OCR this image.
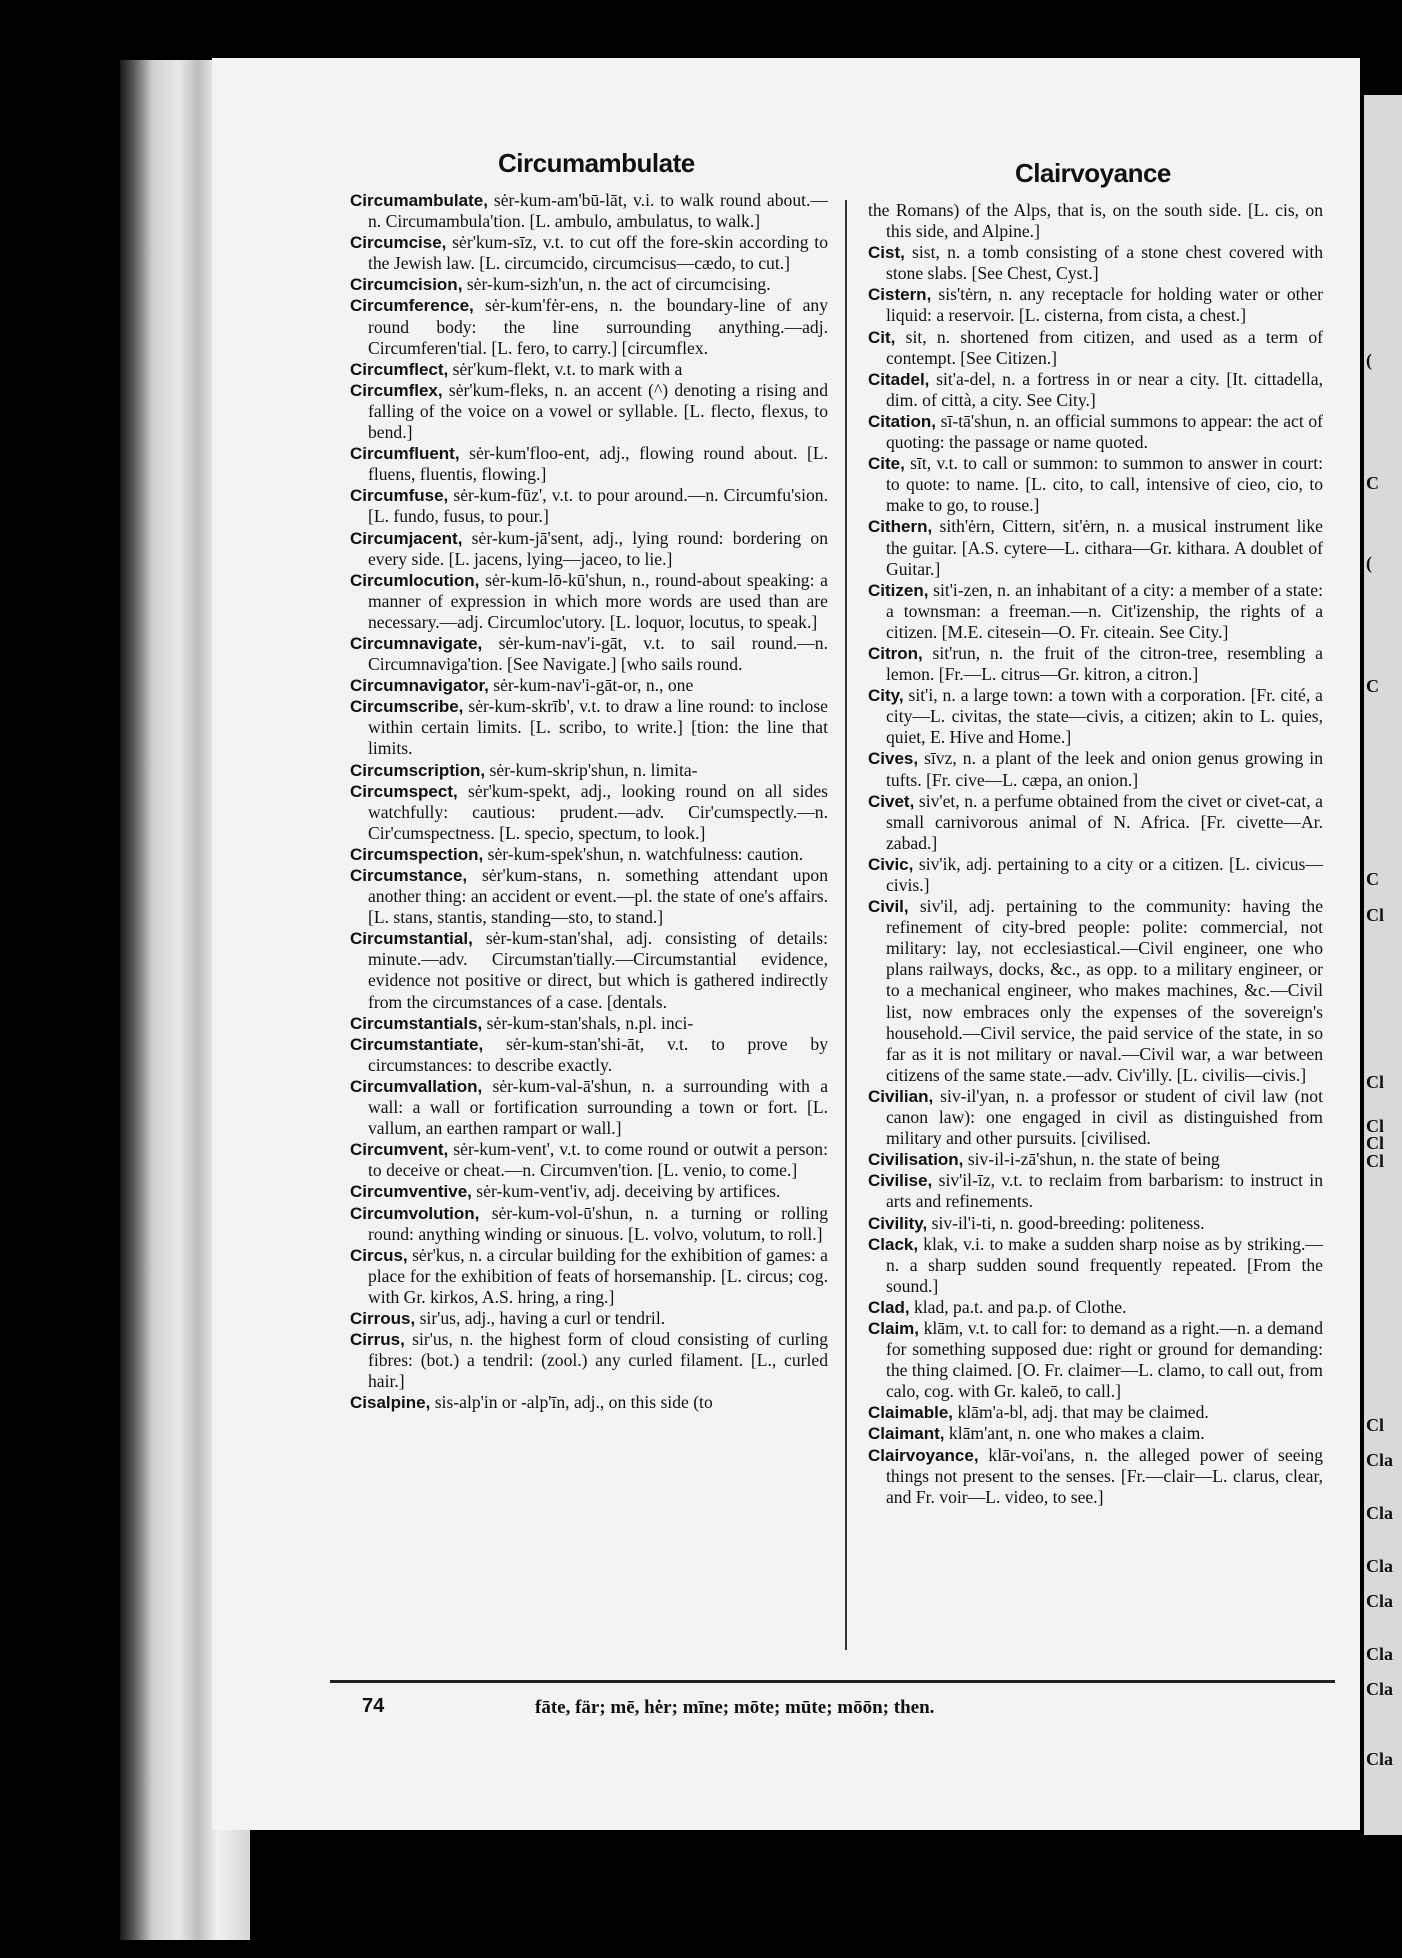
(
C
(
C
C
Cl
Cl
Cl
Cl
Cl
Cl
Cla
Cla
Cla
Cla
Cla
Cla
Cla
Circumambulate	Clairvoyance

Circumambulate, sėr-kum-am'bū-lāt, v.i. to walk round about.—n. Circumambula'tion. [L. ambulo, ambulatus, to walk.]

Circumcise, sėr'kum-sīz, v.t. to cut off the fore-skin according to the Jewish law. [L. circumcido, circumcisus—cædo, to cut.]

Circumcision, sėr-kum-sizh'un, n. the act of circumcising.

Circumference, sėr-kum'fėr-ens, n. the boundary-line of any round body: the line surrounding anything.—adj. Circumferen'tial. [L. fero, to carry.] [circumflex.

Circumflect, sėr'kum-flekt, v.t. to mark with a

Circumflex, sėr'kum-fleks, n. an accent (^) denoting a rising and falling of the voice on a vowel or syllable. [L. flecto, flexus, to bend.]

Circumfluent, sėr-kum'floo-ent, adj., flowing round about. [L. fluens, fluentis, flowing.]

Circumfuse, sėr-kum-fūz', v.t. to pour around.—n. Circumfu'sion. [L. fundo, fusus, to pour.]

Circumjacent, sėr-kum-jā'sent, adj., lying round: bordering on every side. [L. jacens, lying—jaceo, to lie.]

Circumlocution, sėr-kum-lō-kū'shun, n., round-about speaking: a manner of expression in which more words are used than are necessary.—adj. Circumloc'utory. [L. loquor, locutus, to speak.]

Circumnavigate, sėr-kum-nav'i-gāt, v.t. to sail round.—n. Circumnaviga'tion. [See Navigate.] [who sails round.

Circumnavigator, sėr-kum-nav'i-gāt-or, n., one

Circumscribe, sėr-kum-skrīb', v.t. to draw a line round: to inclose within certain limits. [L. scribo, to write.] [tion: the line that limits.

Circumscription, sėr-kum-skrip'shun, n. limita-

Circumspect, sėr'kum-spekt, adj., looking round on all sides watchfully: cautious: prudent.—adv. Cir'cumspectly.—n. Cir'cumspectness. [L. specio, spectum, to look.]

Circumspection, sėr-kum-spek'shun, n. watchfulness: caution.

Circumstance, sėr'kum-stans, n. something attendant upon another thing: an accident or event.—pl. the state of one's affairs. [L. stans, stantis, standing—sto, to stand.]

Circumstantial, sėr-kum-stan'shal, adj. consisting of details: minute.—adv. Circumstan'tially.—Circumstantial evidence, evidence not positive or direct, but which is gathered indirectly from the circumstances of a case. [dentals.

Circumstantials, sėr-kum-stan'shals, n.pl. inci-

Circumstantiate, sėr-kum-stan'shi-āt, v.t. to prove by circumstances: to describe exactly.

Circumvallation, sėr-kum-val-ā'shun, n. a surrounding with a wall: a wall or fortification surrounding a town or fort. [L. vallum, an earthen rampart or wall.]

Circumvent, sėr-kum-vent', v.t. to come round or outwit a person: to deceive or cheat.—n. Circumven'tion. [L. venio, to come.]

Circumventive, sėr-kum-vent'iv, adj. deceiving by artifices.

Circumvolution, sėr-kum-vol-ū'shun, n. a turning or rolling round: anything winding or sinuous. [L. volvo, volutum, to roll.]

Circus, sėr'kus, n. a circular building for the exhibition of games: a place for the exhibition of feats of horsemanship. [L. circus; cog. with Gr. kirkos, A.S. hring, a ring.]

Cirrous, sir'us, adj., having a curl or tendril.

Cirrus, sir'us, n. the highest form of cloud consisting of curling fibres: (bot.) a tendril: (zool.) any curled filament. [L., curled hair.]

Cisalpine, sis-alp'in or -alp'īn, adj., on this side (to

the Romans) of the Alps, that is, on the south side. [L. cis, on this side, and Alpine.]

Cist, sist, n. a tomb consisting of a stone chest covered with stone slabs. [See Chest, Cyst.]

Cistern, sis'tėrn, n. any receptacle for holding water or other liquid: a reservoir. [L. cisterna, from cista, a chest.]

Cit, sit, n. shortened from citizen, and used as a term of contempt. [See Citizen.]

Citadel, sit'a-del, n. a fortress in or near a city. [It. cittadella, dim. of città, a city. See City.]

Citation, sī-tā'shun, n. an official summons to appear: the act of quoting: the passage or name quoted.

Cite, sīt, v.t. to call or summon: to summon to answer in court: to quote: to name. [L. cito, to call, intensive of cieo, cio, to make to go, to rouse.]

Cithern, sith'ėrn, Cittern, sit'ėrn, n. a musical instrument like the guitar. [A.S. cytere—L. cithara—Gr. kithara. A doublet of Guitar.]

Citizen, sit'i-zen, n. an inhabitant of a city: a member of a state: a townsman: a freeman.—n. Cit'izenship, the rights of a citizen. [M.E. citesein—O. Fr. citeain. See City.]

Citron, sit'run, n. the fruit of the citron-tree, resembling a lemon. [Fr.—L. citrus—Gr. kitron, a citron.]

City, sit'i, n. a large town: a town with a corporation. [Fr. cité, a city—L. civitas, the state—civis, a citizen; akin to L. quies, quiet, E. Hive and Home.]

Cives, sīvz, n. a plant of the leek and onion genus growing in tufts. [Fr. cive—L. cæpa, an onion.]

Civet, siv'et, n. a perfume obtained from the civet or civet-cat, a small carnivorous animal of N. Africa. [Fr. civette—Ar. zabad.]

Civic, siv'ik, adj. pertaining to a city or a citizen. [L. civicus—civis.]

Civil, siv'il, adj. pertaining to the community: having the refinement of city-bred people: polite: commercial, not military: lay, not ecclesiastical.—Civil engineer, one who plans railways, docks, &c., as opp. to a military engineer, or to a mechanical engineer, who makes machines, &c.—Civil list, now embraces only the expenses of the sovereign's household.—Civil service, the paid service of the state, in so far as it is not military or naval.—Civil war, a war between citizens of the same state.—adv. Civ'illy. [L. civilis—civis.]

Civilian, siv-il'yan, n. a professor or student of civil law (not canon law): one engaged in civil as distinguished from military and other pursuits. [civilised.

Civilisation, siv-il-i-zā'shun, n. the state of being

Civilise, siv'il-īz, v.t. to reclaim from barbarism: to instruct in arts and refinements.

Civility, siv-il'i-ti, n. good-breeding: politeness.

Clack, klak, v.i. to make a sudden sharp noise as by striking.—n. a sharp sudden sound frequently repeated. [From the sound.]

Clad, klad, pa.t. and pa.p. of Clothe.

Claim, klām, v.t. to call for: to demand as a right.—n. a demand for something supposed due: right or ground for demanding: the thing claimed. [O. Fr. claimer—L. clamo, to call out, from calo, cog. with Gr. kaleō, to call.]

Claimable, klām'a-bl, adj. that may be claimed.

Claimant, klām'ant, n. one who makes a claim.

Clairvoyance, klār-voi'ans, n. the alleged power of seeing things not present to the senses. [Fr.—clair—L. clarus, clear, and Fr. voir—L. video, to see.]

74	fāte, fär; mē, hėr; mīne; mōte; mūte; mōōn; then.
